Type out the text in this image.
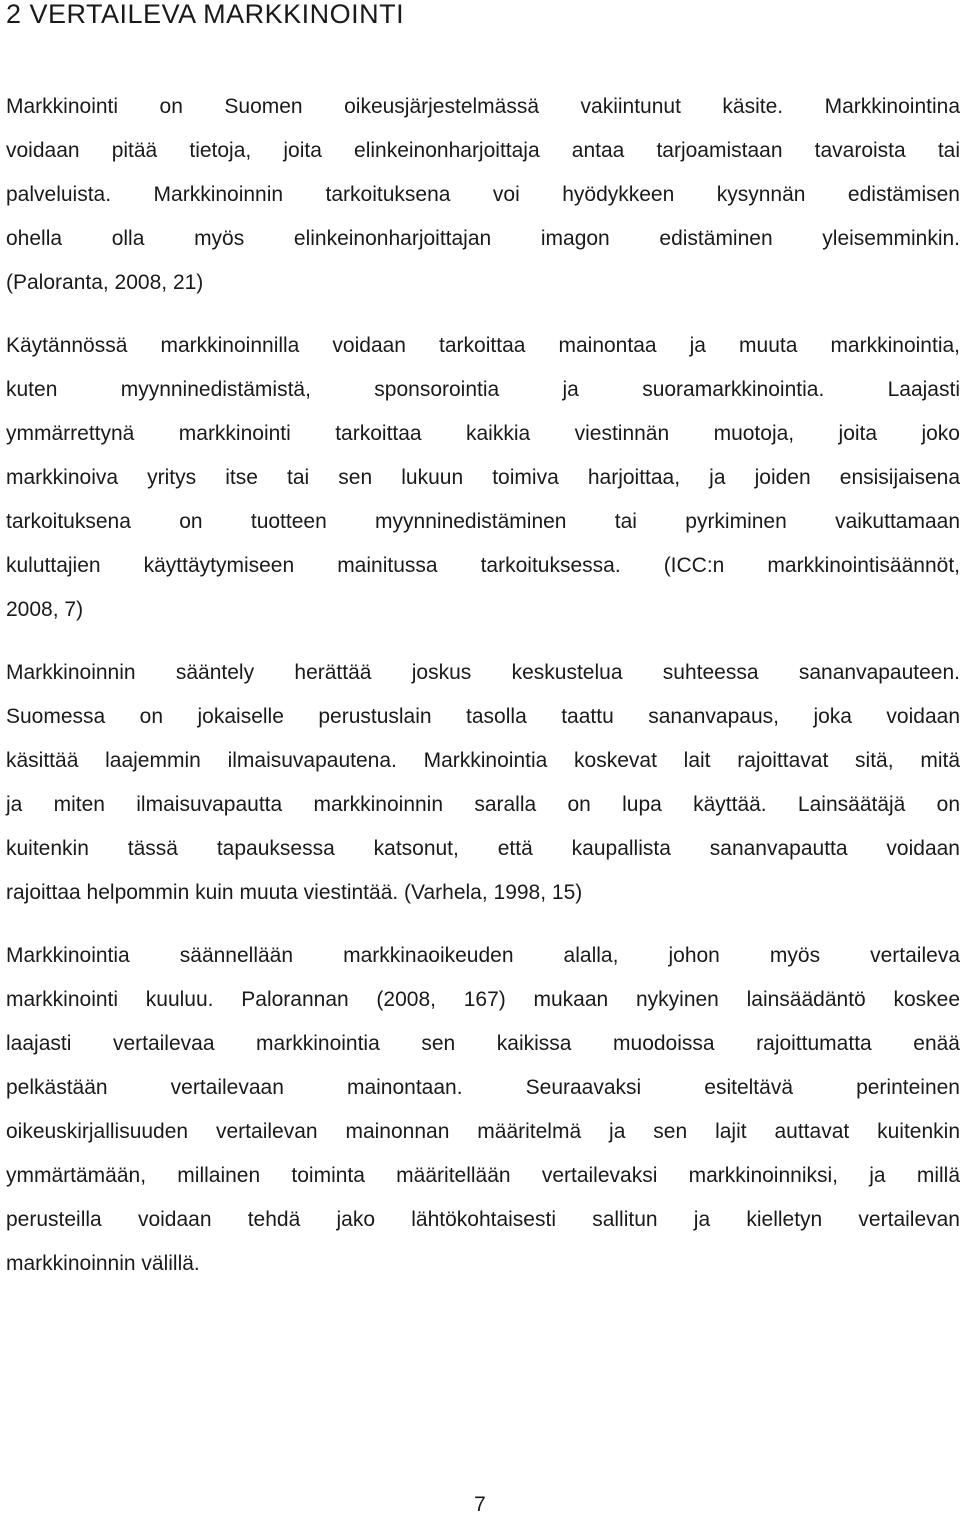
2 VERTAILEVA MARKKINOINTI
Markkinointi on Suomen oikeusjärjestelmässä vakiintunut käsite. Markkinointina
voidaan pitää tietoja, joita elinkeinonharjoittaja antaa tarjoamistaan tavaroista tai
palveluista. Markkinoinnin tarkoituksena voi hyödykkeen kysynnän edistämisen
ohella olla myös elinkeinonharjoittajan imagon edistäminen yleisemminkin.
(Paloranta, 2008, 21)
Käytännössä markkinoinnilla voidaan tarkoittaa mainontaa ja muuta markkinointia,
kuten myynninedistämistä, sponsorointia ja suoramarkkinointia. Laajasti
ymmärrettynä markkinointi tarkoittaa kaikkia viestinnän muotoja, joita joko
markkinoiva yritys itse tai sen lukuun toimiva harjoittaa, ja joiden ensisijaisena
tarkoituksena on tuotteen myynninedistäminen tai pyrkiminen vaikuttamaan
kuluttajien käyttäytymiseen mainitussa tarkoituksessa. (ICC:n markkinointisäännöt,
2008, 7)
Markkinoinnin sääntely herättää joskus keskustelua suhteessa sananvapauteen.
Suomessa on jokaiselle perustuslain tasolla taattu sananvapaus, joka voidaan
käsittää laajemmin ilmaisuvapautena. Markkinointia koskevat lait rajoittavat sitä, mitä
ja miten ilmaisuvapautta markkinoinnin saralla on lupa käyttää. Lainsäätäjä on
kuitenkin tässä tapauksessa katsonut, että kaupallista sananvapautta voidaan
rajoittaa helpommin kuin muuta viestintää. (Varhela, 1998, 15)
Markkinointia säännellään markkinaoikeuden alalla, johon myös vertaileva
markkinointi kuuluu. Palorannan (2008, 167) mukaan nykyinen lainsäädäntö koskee
laajasti vertailevaa markkinointia sen kaikissa muodoissa rajoittumatta enää
pelkästään vertailevaan mainontaan. Seuraavaksi esiteltävä perinteinen
oikeuskirjallisuuden vertailevan mainonnan määritelmä ja sen lajit auttavat kuitenkin
ymmärtämään, millainen toiminta määritellään vertailevaksi markkinoinniksi, ja millä
perusteilla voidaan tehdä jako lähtökohtaisesti sallitun ja kielletyn vertailevan
markkinoinnin välillä.

7
